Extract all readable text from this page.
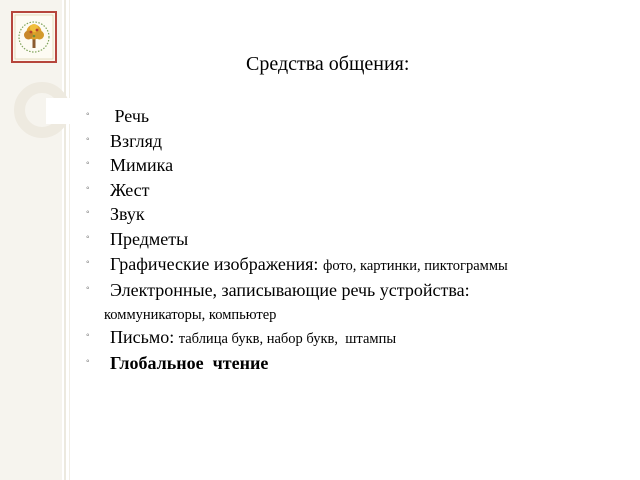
Средства общения:
◦ Речь
◦ Взгляд
◦ Мимика
◦ Жест
◦ Звук
◦ Предметы
◦ Графические изображения: фото, картинки, пиктограммы
◦ Электронные, записывающие речь устройства:
коммуникаторы, компьютер
◦ Письмо: таблица букв, набор букв,  штампы
◦ Глобальное  чтение
